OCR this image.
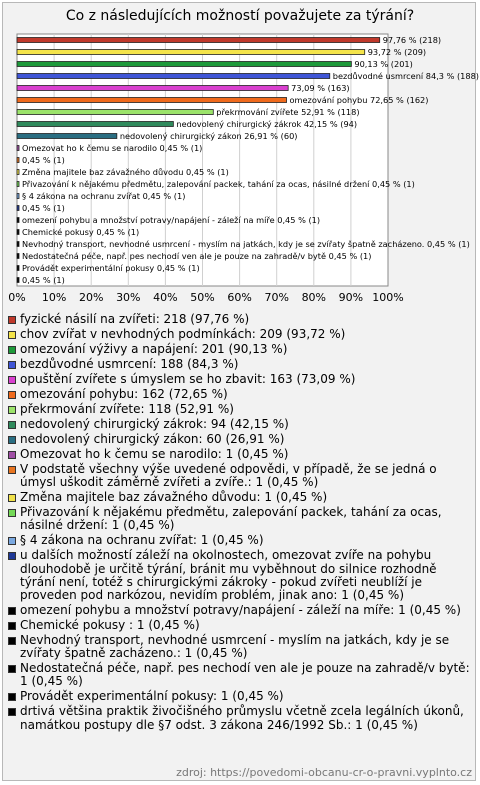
Co z následujících možností považujete za týrání?
0% 10% 20% 30% 40% 50% 60% 70% 80% 90% 100%
97,76 % (218)
93,72 % (209)
90,13 % (201)
bezdůvodné usmrcení 84,3 % (188)
73,09 % (163)
omezování pohybu 72,65 % (162)
překrmování zvířete 52,91 % (118)
nedovolený chirurgický zákrok 42,15 % (94)
nedovolený chirurgický zákon 26,91 % (60)
Omezovat ho k čemu se narodilo 0,45 % (1)
0,45 % (1)
Změna majitele baz závažného důvodu 0,45 % (1)
Přivazování k nějakému předmětu, zalepování packek, tahání za ocas, násilné držení 0,45 % (1)
§ 4 zákona na ochranu zvířat 0,45 % (1)
0,45 % (1)
omezení pohybu a množství potravy/napájení - záleží na míře 0,45 % (1)
Chemické pokusy 0,45 % (1)
Nevhodný transport, nevhodné usmrcení - myslím na jatkách, kdy je se zvířaty špatně zacházeno. 0,45 % (1)
Nedostatečná péče, např. pes nechodí ven ale je pouze na zahradě/v bytě 0,45 % (1)
Provádět experimentální pokusy 0,45 % (1)
0,45 % (1)
fyzické násilí na zvířeti: 218 (97,76 %)
chov zvířat v nevhodných podmínkách: 209 (93,72 %)
omezování výživy a napájení: 201 (90,13 %)
bezdůvodné usmrcení: 188 (84,3 %)
opuštění zvířete s úmyslem se ho zbavit: 163 (73,09 %)
omezování pohybu: 162 (72,65 %)
překrmování zvířete: 118 (52,91 %)
nedovolený chirurgický zákrok: 94 (42,15 %)
nedovolený chirurgický zákon: 60 (26,91 %)
Omezovat ho k čemu se narodilo: 1 (0,45 %)
V podstatě všechny výše uvedené odpovědi, v případě, že se jedná o úmysl uškodit záměrně zvířeti a zvíře.: 1 (0,45 %)
Změna majitele baz závažného důvodu: 1 (0,45 %)
Přivazování k nějakému předmětu, zalepování packek, tahání za ocas, násilné držení: 1 (0,45 %)
§ 4 zákona na ochranu zvířat: 1 (0,45 %)
u dalších možností záleží na okolnostech, omezovat zvíře na pohybu dlouhodobě je určitě týrání, bránit mu vyběhnout do silnice rozhodně týrání není, totéž s chirurgickými zákroky - pokud zvířeti neublíží je proveden pod narkózou, nevidím problém, jinak ano: 1 (0,45 %)
omezení pohybu a množství potravy/napájení - záleží na míře: 1 (0,45 %)
Chemické pokusy : 1 (0,45 %)
Nevhodný transport, nevhodné usmrcení - myslím na jatkách, kdy je se zvířaty špatně zacházeno.: 1 (0,45 %)
Nedostatečná péče, např. pes nechodí ven ale je pouze na zahradě/v bytě: 1 (0,45 %)
Provádět experimentální pokusy: 1 (0,45 %)
drtivá většina praktik živočišného průmyslu včetně zcela legálních úkonů, namátkou postupy dle §7 odst. 3 zákona 246/1992 Sb.: 1 (0,45 %)
zdroj: https://povedomi-obcanu-cr-o-pravni.vyplnto.cz
